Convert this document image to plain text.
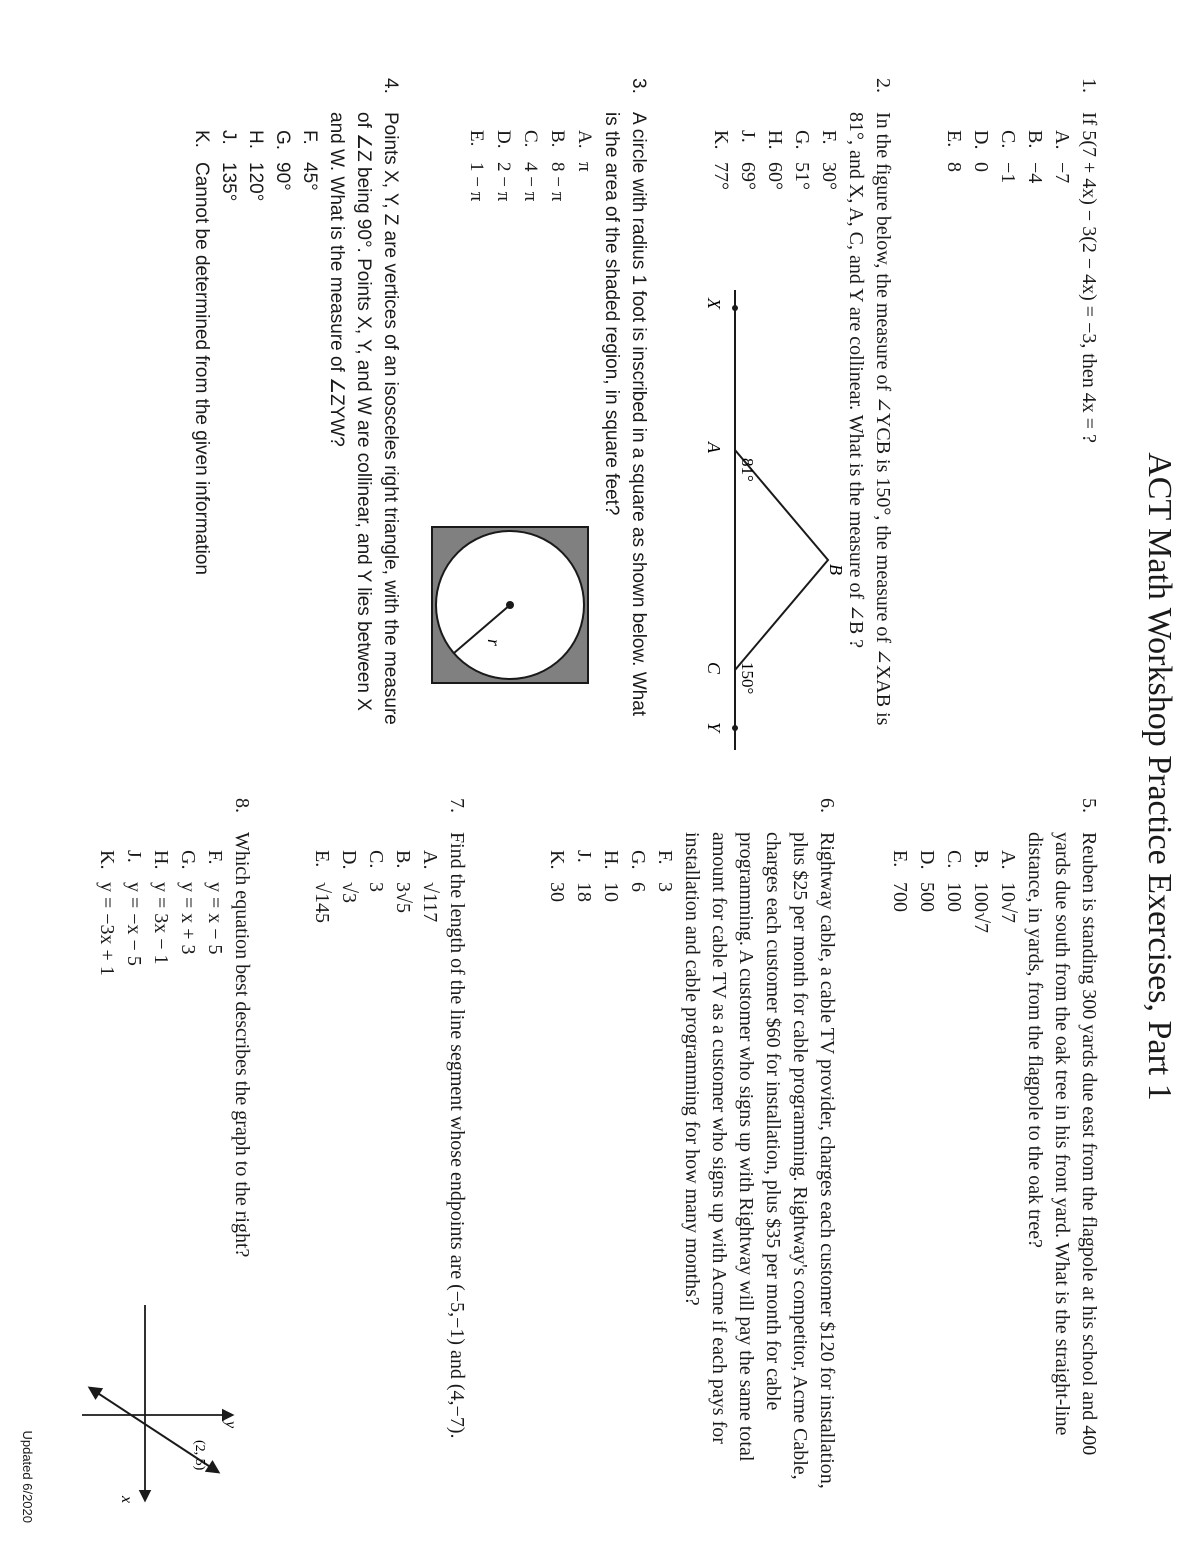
ACT Math Workshop Practice Exercises, Part 1
1.
If 5(7 + 4x) − 3(2 − 4x) = −3, then 4x = ?
A.−7
B.−4
C.−1
D.0
E.8
2.
In the figure below, the measure of ∠YCB is 150°, the measure of ∠XAB is 81°, and X, A, C, and Y are collinear. What is the measure of ∠B ?
F.30°
G.51°
H.60°
J.69°
K.77°
X
A
B
C
Y
81°
150°
3.
A circle with radius 1 foot is inscribed in a square as shown below. What is the area of the shaded region, in square feet?
A.π
B.8 − π
C.4 − π
D.2 − π
E.1 − π
r
4.
Points X, Y, Z are vertices of an isosceles right triangle, with the measure of ∠Z being 90°. Points X, Y, and W are collinear, and Y lies between X and W. What is the measure of ∠ZYW?
F.45°
G.90°
H.120°
J.135°
K.Cannot be determined from the given information
5.
Reuben is standing 300 yards due east from the flagpole at his school and 400 yards due south from the oak tree in his front yard. What is the straight-line distance, in yards, from the flagpole to the oak tree?
A.10√7
B.100√7
C.100
D.500
E.700
6.
Rightway cable, a cable TV provider, charges each customer $120 for installation, plus $25 per month for cable programming. Rightway's competitor, Acme Cable, charges each customer $60 for installation, plus $35 per month for cable programming. A customer who signs up with Rightway will pay the same total amount for cable TV as a customer who signs up with Acme if each pays for installation and cable programming for how many months?
F.3
G.6
H.10
J.18
K.30
7.
Find the length of the line segment whose endpoints are (−5,−1) and (4,−7).
A.√117
B.3√5
C.3
D.√3
E.√145
8.
Which equation best describes the graph to the right?
F.y = x − 5
G.y = x + 3
H.y = 3x − 1
J.y = −x − 5
K.y = −3x + 1
x
y
(2, 5)
Updated 6/2020
